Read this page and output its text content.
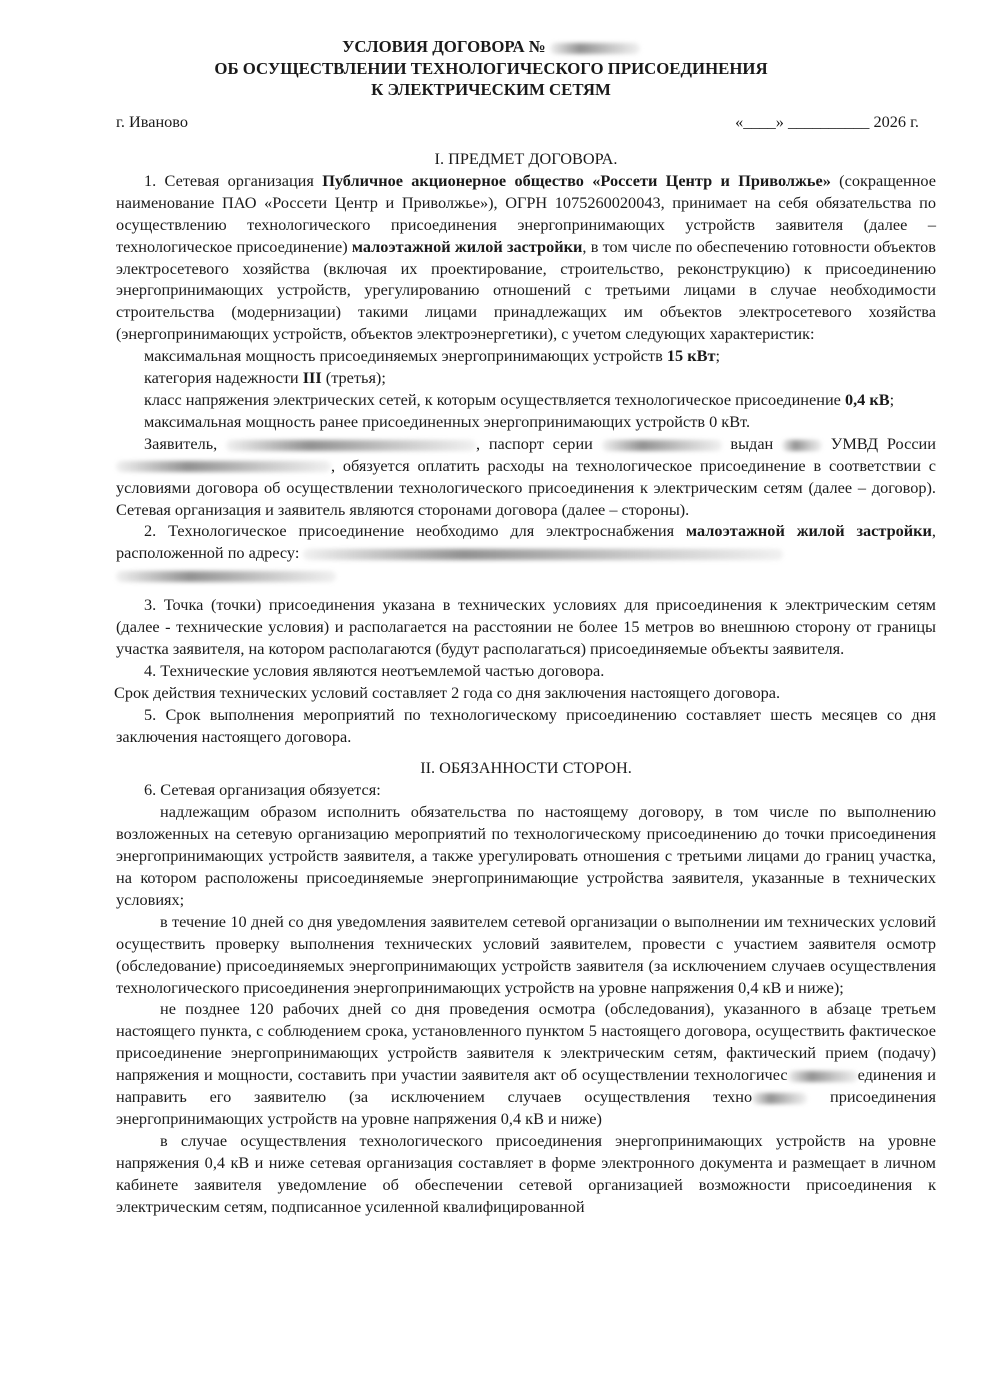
УСЛОВИЯ ДОГОВОРА №
ОБ ОСУЩЕСТВЛЕНИИ ТЕХНОЛОГИЧЕСКОГО ПРИСОЕДИНЕНИЯ
К ЭЛЕКТРИЧЕСКИМ СЕТЯМ
г. Иваново	«____» __________ 2026 г.

I. ПРЕДМЕТ ДОГОВОРА.

1. Сетевая организация Публичное акционерное общество «Россети Центр и Приволжье» (сокращенное наименование ПАО «Россети Центр и Приволжье»), ОГРН 1075260020043, принимает на себя обязательства по осуществлению технологического присоединения энергопринимающих устройств заявителя (далее – технологическое присоединение) малоэтажной жилой застройки, в том числе по обеспечению готовности объектов электросетевого хозяйства (включая их проектирование, строительство, реконструкцию) к присоединению энергопринимающих устройств, урегулированию отношений с третьими лицами в случае необходимости строительства (модернизации) такими лицами принадлежащих им объектов электросетевого хозяйства (энергопринимающих устройств, объектов электроэнергетики), с учетом следующих характеристик:

максимальная мощность присоединяемых энергопринимающих устройств 15 кВт;

категория надежности III (третья);

класс напряжения электрических сетей, к которым осуществляется технологическое присоединение 0,4 кВ;

максимальная мощность ранее присоединенных энергопринимающих устройств 0 кВт.

Заявитель,	, паспорт серии	выдан	УМВД России , обязуется оплатить расходы на технологическое присоединение в соответствии с условиями договора об осуществлении технологического присоединения к электрическим сетям (далее – договор). Сетевая организация и заявитель являются сторонами договора (далее – стороны).

2. Технологическое присоединение необходимо для электроснабжения малоэтажной жилой застройки, расположенной по адресу:

3. Точка (точки) присоединения указана в технических условиях для присоединения к электрическим сетям (далее - технические условия) и располагается на расстоянии не более 15 метров во внешнюю сторону от границы участка заявителя, на котором располагаются (будут располагаться) присоединяемые объекты заявителя.

4. Технические условия являются неотъемлемой частью договора.

Срок действия технических условий составляет 2 года со дня заключения настоящего договора.

5. Срок выполнения мероприятий по технологическому присоединению составляет шесть месяцев со дня заключения настоящего договора.

II. ОБЯЗАННОСТИ СТОРОН.

6. Сетевая организация обязуется:

надлежащим образом исполнить обязательства по настоящему договору, в том числе по выполнению возложенных на сетевую организацию мероприятий по технологическому присоединению до точки присоединения энергопринимающих устройств заявителя, а также урегулировать отношения с третьими лицами до границ участка, на котором расположены присоединяемые энергопринимающие устройства заявителя, указанные в технических условиях;

в течение 10 дней со дня уведомления заявителем сетевой организации о выполнении им технических условий осуществить проверку выполнения технических условий заявителем, провести с участием заявителя осмотр (обследование) присоединяемых энергопринимающих устройств заявителя (за исключением случаев осуществления технологического присоединения энергопринимающих устройств на уровне напряжения 0,4 кВ и ниже);

не позднее 120 рабочих дней со дня проведения осмотра (обследования), указанного в абзаце третьем настоящего пункта, с соблюдением срока, установленного пунктом 5 настоящего договора, осуществить фактическое присоединение энергопринимающих устройств заявителя к электрическим сетям, фактический прием (подачу) напряжения и мощности, составить при участии заявителя акт об осуществлении технологичес	единения и направить его заявителю (за исключением случаев осуществления техно	присоединения энергопринимающих устройств на уровне напряжения 0,4 кВ и ниже)

в случае осуществления технологического присоединения энергопринимающих устройств на уровне напряжения 0,4 кВ и ниже сетевая организация составляет в форме электронного документа и размещает в личном кабинете заявителя уведомление об обеспечении сетевой организацией возможности присоединения к электрическим сетям, подписанное усиленной квалифицированной
